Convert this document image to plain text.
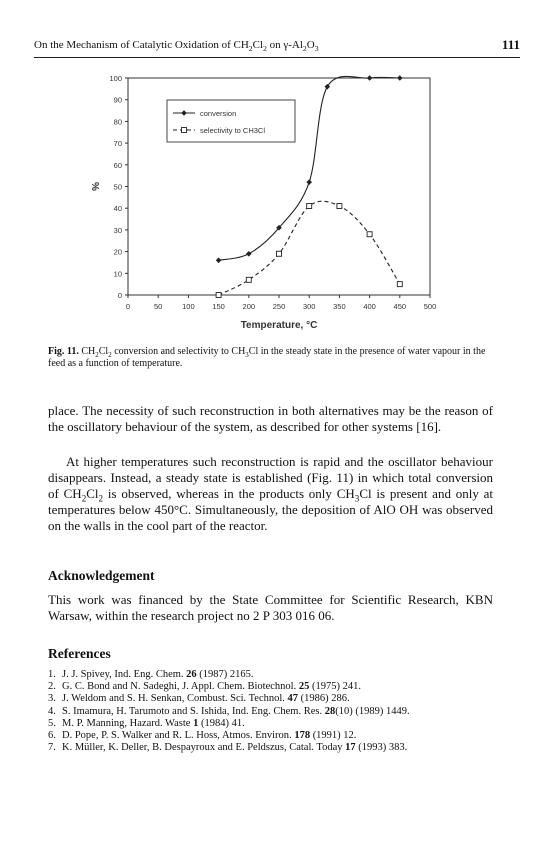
On the Mechanism of Catalytic Oxidation of $CH_2Cl_2$ on $\gamma-Al_2O_3$	111
0
10
20
30
40
50
60
70
80
90
100
0	50	100 150 200 250 300 350 400 450 500
Temperature, °C
%
conversion
selectivity to CH3Cl
Fig. 11. $CH_2Cl_2$ conversion and selectivity to $CH_3Cl$ in the steady state in the presence of water vapour in the feed as a function of temperature.

place. The necessity of such reconstruction in both alternatives may be the reason of the oscillatory behaviour of the system, as described for other systems [16].

At higher temperatures such reconstruction is rapid and the oscillator behaviour disappears. Instead, a steady state is established (Fig. 11) in which total conversion of $CH_2Cl_2$ is observed, whereas in the products only $CH_3Cl$ is present and only at temperatures below 450°C. Simultaneously, the deposition of AlO OH was observed on the walls in the cool part of the reactor.

Acknowledgement

This work was financed by the State Committee for Scientific Research, KBN Warsaw, within the research project no 2 P 303 016 06.

References
1. J. J. Spivey, Ind. Eng. Chem. 26 (1987) 2165.
2. G. C. Bond and N. Sadeghi, J. Appl. Chem. Biotechnol. 25 (1975) 241.
3. J. Weldom and S. H. Senkan, Combust. Sci. Technol. 47 (1986) 286.
4. S. Imamura, H. Tarumoto and S. Ishida, Ind. Eng. Chem. Res. 28(10) (1989) 1449.
5. M. P. Manning, Hazard. Waste 1 (1984) 41.
6. D. Pope, P. S. Walker and R. L. Hoss, Atmos. Environ. 178 (1991) 12.
7. K. Müller, K. Deller, B. Despayroux and E. Peldszus, Catal. Today 17 (1993) 383.
